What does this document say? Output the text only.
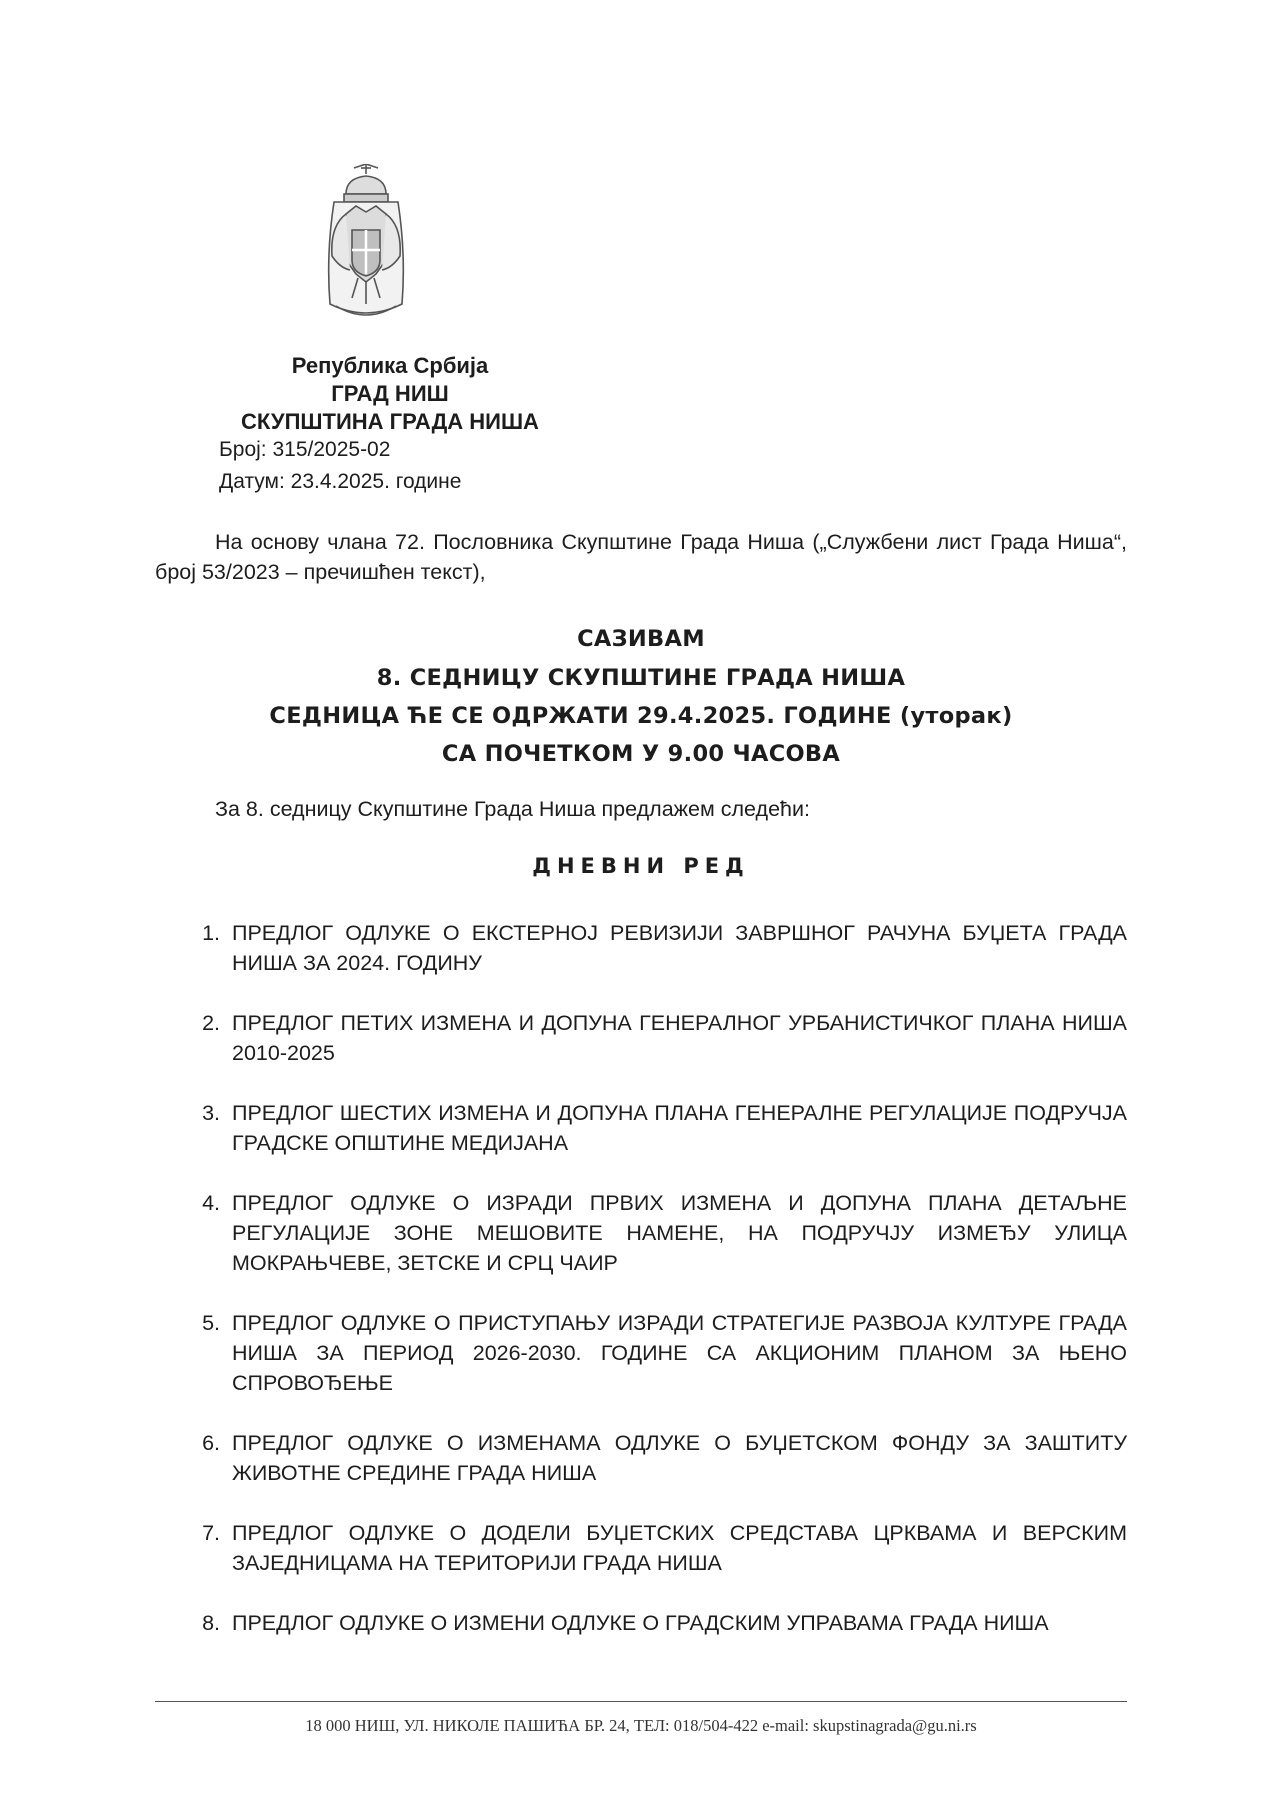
Република Србија
ГРАД НИШ
СКУПШТИНА ГРАДА НИША
Број: 315/2025-02
Датум: 23.4.2025. године
На основу члана 72. Пословника Скупштине Града Ниша („Службени лист Града Ниша“, број 53/2023 – пречишћен текст),
САЗИВАМ
8. СЕДНИЦУ СКУПШТИНЕ ГРАДА НИША
СЕДНИЦА ЋЕ СЕ ОДРЖАТИ 29.4.2025. ГОДИНЕ (уторак)
СА ПОЧЕТКОМ У 9.00 ЧАСОВА
За 8. седницу Скупштине Града Ниша предлажем следећи:
ДНЕВНИ РЕД
1. ПРЕДЛОГ ОДЛУКЕ О ЕКСТЕРНОЈ РЕВИЗИЈИ ЗАВРШНОГ РАЧУНА БУЏЕТА ГРАДА НИША ЗА 2024. ГОДИНУ
2. ПРЕДЛОГ ПЕТИХ ИЗМЕНА И ДОПУНА ГЕНЕРАЛНОГ УРБАНИСТИЧКОГ ПЛАНА НИША 2010-2025
3. ПРЕДЛОГ ШЕСТИХ ИЗМЕНА И ДОПУНА ПЛАНА ГЕНЕРАЛНЕ РЕГУЛАЦИЈЕ ПОДРУЧЈА ГРАДСКЕ ОПШТИНЕ МЕДИЈАНА
4. ПРЕДЛОГ ОДЛУКЕ О ИЗРАДИ ПРВИХ ИЗМЕНА И ДОПУНА ПЛАНА ДЕТАЉНЕ РЕГУЛАЦИЈЕ ЗОНЕ МЕШОВИТЕ НАМЕНЕ, НА ПОДРУЧЈУ ИЗМЕЂУ УЛИЦА МОКРАЊЧЕВЕ, ЗЕТСКЕ И СРЦ ЧАИР
5. ПРЕДЛОГ ОДЛУКЕ О ПРИСТУПАЊУ ИЗРАДИ СТРАТЕГИЈЕ РАЗВОЈА КУЛТУРЕ ГРАДА НИША ЗА ПЕРИОД 2026-2030. ГОДИНЕ СА АКЦИОНИМ ПЛАНОМ ЗА ЊЕНО СПРОВОЂЕЊЕ
6. ПРЕДЛОГ ОДЛУКЕ О ИЗМЕНАМА ОДЛУКЕ О БУЏЕТСКОМ ФОНДУ ЗА ЗАШТИТУ ЖИВОТНЕ СРЕДИНЕ ГРАДА НИША
7. ПРЕДЛОГ ОДЛУКЕ О ДОДЕЛИ БУЏЕТСКИХ СРЕДСТАВА ЦРКВАМА И ВЕРСКИМ ЗАЈЕДНИЦАМА НА ТЕРИТОРИЈИ ГРАДА НИША
8. ПРЕДЛОГ ОДЛУКЕ О ИЗМЕНИ ОДЛУКЕ О ГРАДСКИМ УПРАВАМА ГРАДА НИША
18 000 НИШ, УЛ. НИКОЛЕ ПАШИЋА БР. 24, ТЕЛ: 018/504-422 e-mail: skupstinagrada@gu.ni.rs
